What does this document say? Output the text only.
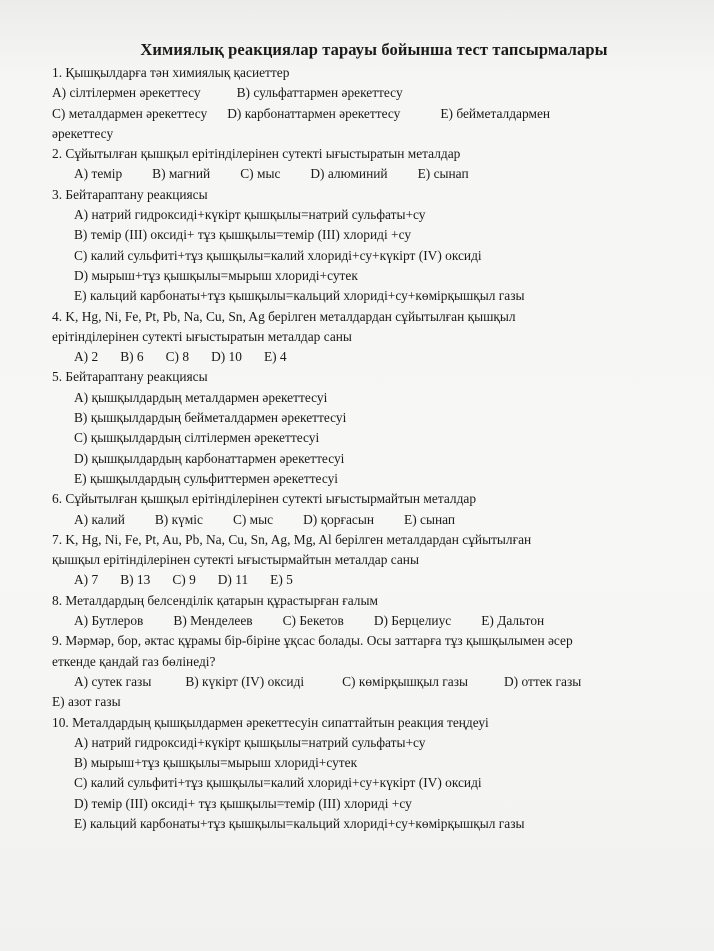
Химиялық реакциялар тарауы бойынша тест тапсырмалары
1. Қышқылдарға тән химиялық қасиеттер
A) сілтілермен әрекеттесу	B) сульфаттармен әрекеттесу
C) металдармен әрекеттесу D) карбонаттармен әрекеттесу	E) бейметалдармен
әрекеттесу
2. Сұйытылған қышқыл ерітінділерінен сутекті ығыстыратын металдар
A) темір B) магний C) мыс D) алюминий E) сынап
3. Бейтараптану реакциясы
A) натрий гидроксиді+күкірт қышқылы=натрий сульфаты+су
B) темір (III) оксиді+ тұз қышқылы=темір (III) хлориді +су
C) калий сульфиті+тұз қышқылы=калий хлориді+су+күкірт (IV) оксиді
D) мырыш+тұз қышқылы=мырыш хлориді+сутек
E) кальций карбонаты+тұз қышқылы=кальций хлориді+су+көмірқышқыл газы
4. K, Hg, Ni, Fe, Pt, Pb, Na, Cu, Sn, Ag берілген металдардан сұйытылған қышқыл
ерітінділерінен сутекті ығыстыратын металдар саны
A) 2 B) 6 C) 8 D) 10 E) 4
5. Бейтараптану реакциясы
A) қышқылдардың металдармен әрекеттесуі
B) қышқылдардың бейметалдармен әрекеттесуі
C) қышқылдардың сілтілермен әрекеттесуі
D) қышқылдардың карбонаттармен әрекеттесуі
E) қышқылдардың сульфиттермен әрекеттесуі
6. Сұйытылған қышқыл ерітінділерінен сутекті ығыстырмайтын металдар
A) калий B) күміс C) мыс D) қорғасын E) сынап
7. K, Hg, Ni, Fe, Pt, Au, Pb, Na, Cu, Sn, Ag, Mg, Al берілген металдардан сұйытылған
қышқыл ерітінділерінен сутекті ығыстырмайтын металдар саны
A) 7 B) 13 C) 9 D) 11 E) 5
8. Металдардың белсенділік қатарын құрастырған ғалым
A) Бутлеров B) Менделеев C) Бекетов D) Берцелиус E) Дальтон
9. Мәрмәр, бор, әктас құрамы бір-біріне ұқсас болады. Осы заттарға тұз қышқылымен әсер
еткенде қандай газ бөлінеді?
A) сутек газы	B) күкірт (IV) оксиді	C) көмірқышқыл газы	D) оттек газы
E) азот газы
10. Металдардың қышқылдармен әрекеттесуін сипаттайтын реакция теңдеуі
A) натрий гидроксиді+күкірт қышқылы=натрий сульфаты+су
B) мырыш+тұз қышқылы=мырыш хлориді+сутек
C) калий сульфиті+тұз қышқылы=калий хлориді+су+күкірт (IV) оксиді
D) темір (III) оксиді+ тұз қышқылы=темір (III) хлориді +су
E) кальций карбонаты+тұз қышқылы=кальций хлориді+су+көмірқышқыл газы
